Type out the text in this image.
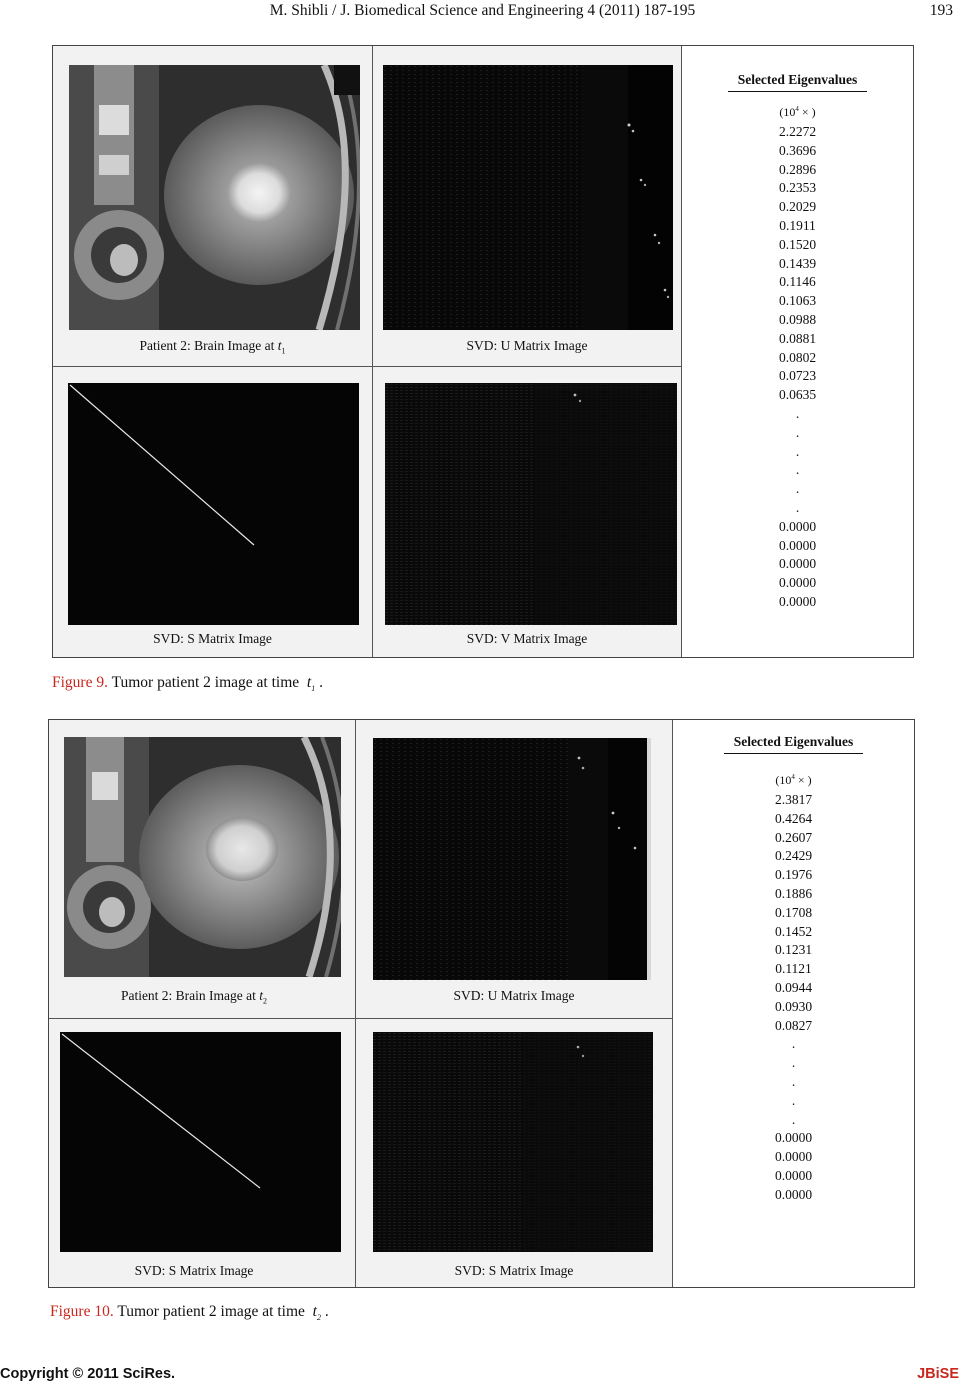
M. Shibli / J. Biomedical Science and Engineering 4 (2011) 187-195	193
Patient 2: Brain Image at $t_1$	SVD: U Matrix Image
SVD: S Matrix Image	SVD: V Matrix Image
Selected Eigenvalues
($10^4$ × )
2.2272
0.3696
0.2896
0.2353
0.2029
0.1911
0.1520
0.1439
0.1146
0.1063
0.0988
0.0881
0.0802
0.0723
0.0635
.
.
.
.
.
.
0.0000
0.0000
0.0000
0.0000
0.0000
Figure 9. Tumor patient 2 image at time $t_1$ .
Patient 2: Brain Image at $t_2$	SVD: U Matrix Image
SVD: S Matrix Image	SVD: S Matrix Image
Selected Eigenvalues
($10^4$ × )
2.3817
0.4264
0.2607
0.2429
0.1976
0.1886
0.1708
0.1452
0.1231
0.1121
0.0944
0.0930
0.0827
.
.
.
.
.
0.0000
0.0000
0.0000
0.0000
Figure 10. Tumor patient 2 image at time $t_2$ .
Copyright © 2011 SciRes.	JBiSE
